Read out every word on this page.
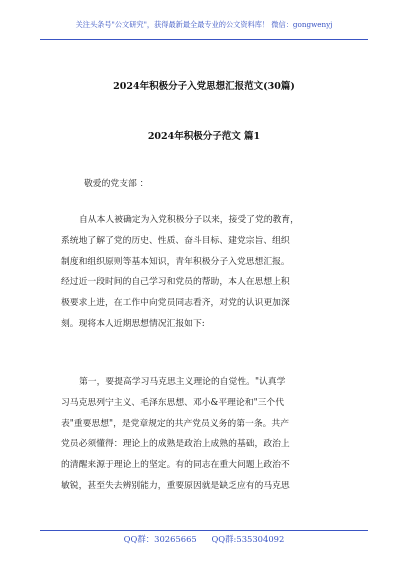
关注头条号"公文研究"，获得最新最全最专业的公文资料库！ 微信：gongwenyj
2024年积极分子入党思想汇报范文(30篇)
2024年积极分子范文 篇1
敬爱的党支部 ：
自从本人被确定为入党积极分子以来，接受了党的教育，
系统地了解了党的历史、性质、奋斗目标、建党宗旨、组织
制度和组织原则等基本知识，青年积极分子入党思想汇报。
经过近一段时间的自己学习和党员的帮助，本人在思想上积
极要求上进，在工作中向党员同志看齐，对党的认识更加深
刻。现将本人近期思想情况汇报如下:
第一，要提高学习马克思主义理论的自觉性。"认真学
习马克思列宁主义、毛泽东思想、邓小&平理论和"三个代
表"重要思想"，是党章规定的共产党员义务的第一条。共产
党员必须懂得：理论上的成熟是政治上成熟的基础，政治上
的清醒来源于理论上的坚定。有的同志在重大问题上政治不
敏锐，甚至失去辨别能力，重要原因就是缺乏应有的马克思
QQ群：30265665 QQ群:535304092
